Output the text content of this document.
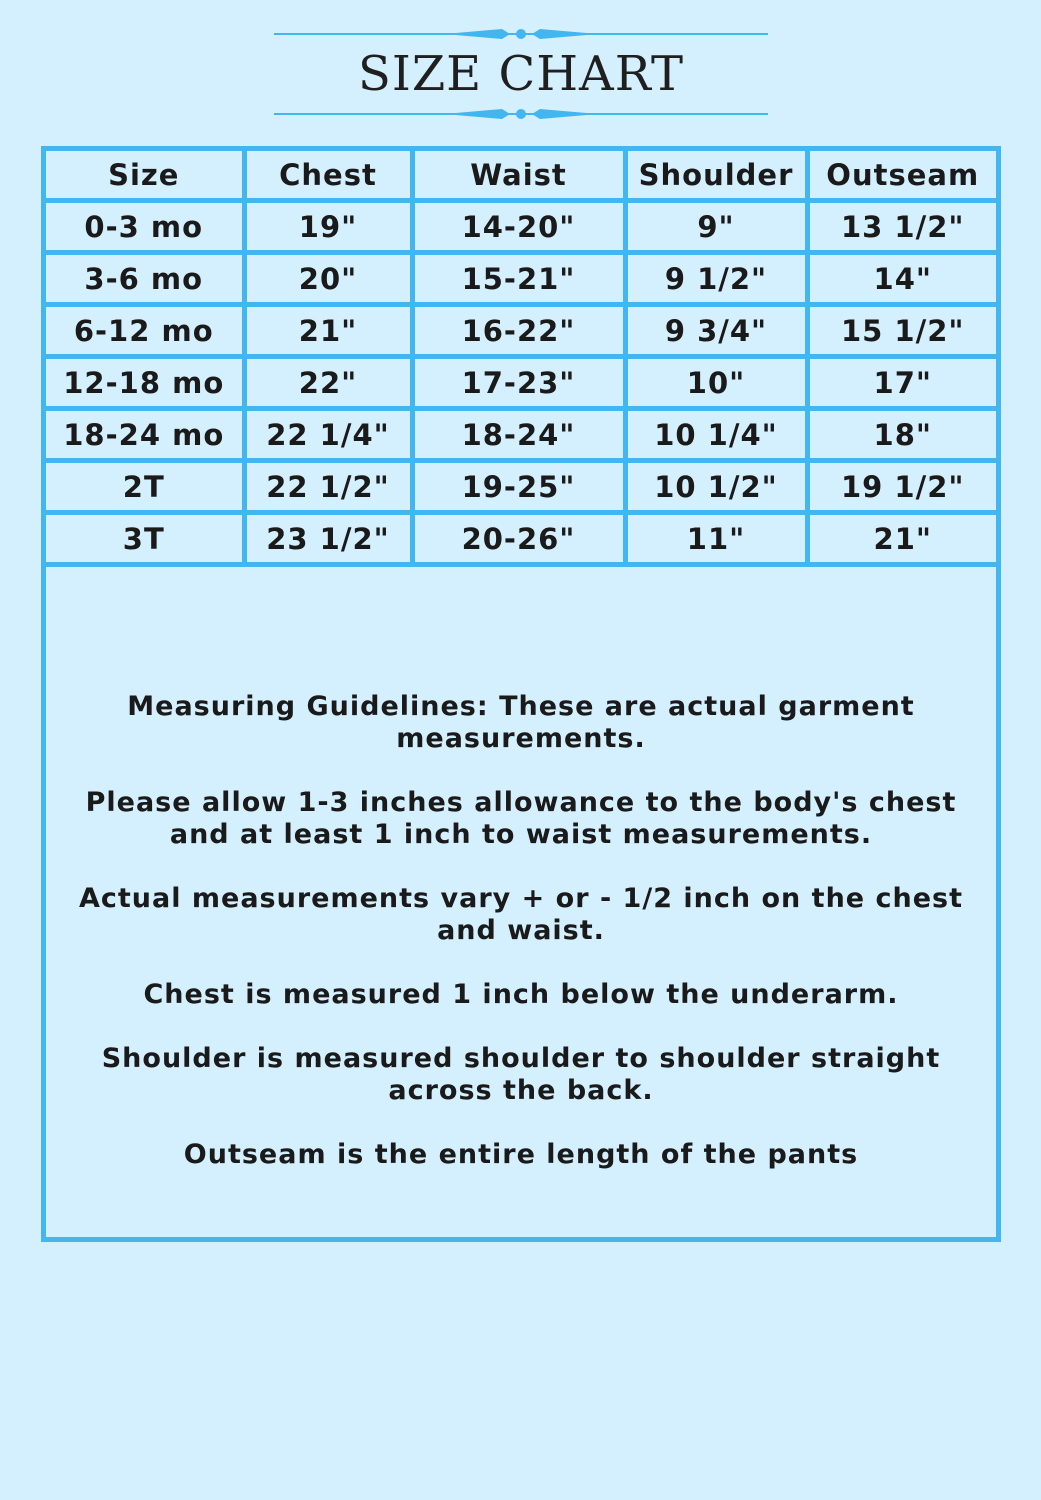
SIZE CHART
Size	Chest	Waist	Shoulder	Outseam
0-3 mo	19"	14-20"	9"	13 1/2"
3-6 mo	20"	15-21"	9 1/2"	14"
6-12 mo	21"	16-22"	9 3/4"	15 1/2"
12-18 mo	22"	17-23"	10"	17"
18-24 mo	22 1/4"	18-24"	10 1/4"	18"
2T	22 1/2"	19-25"	10 1/2"	19 1/2"
3T	23 1/2"	20-26"	11"	21"

Measuring Guidelines: These are actual garment measurements.

Please allow 1-3 inches allowance to the body's chest and at least 1 inch to waist measurements.

Actual measurements vary + or - 1/2 inch on the chest and waist.

Chest is measured 1 inch below the underarm.

Shoulder is measured shoulder to shoulder straight across the back.

Outseam is the entire length of the pants
